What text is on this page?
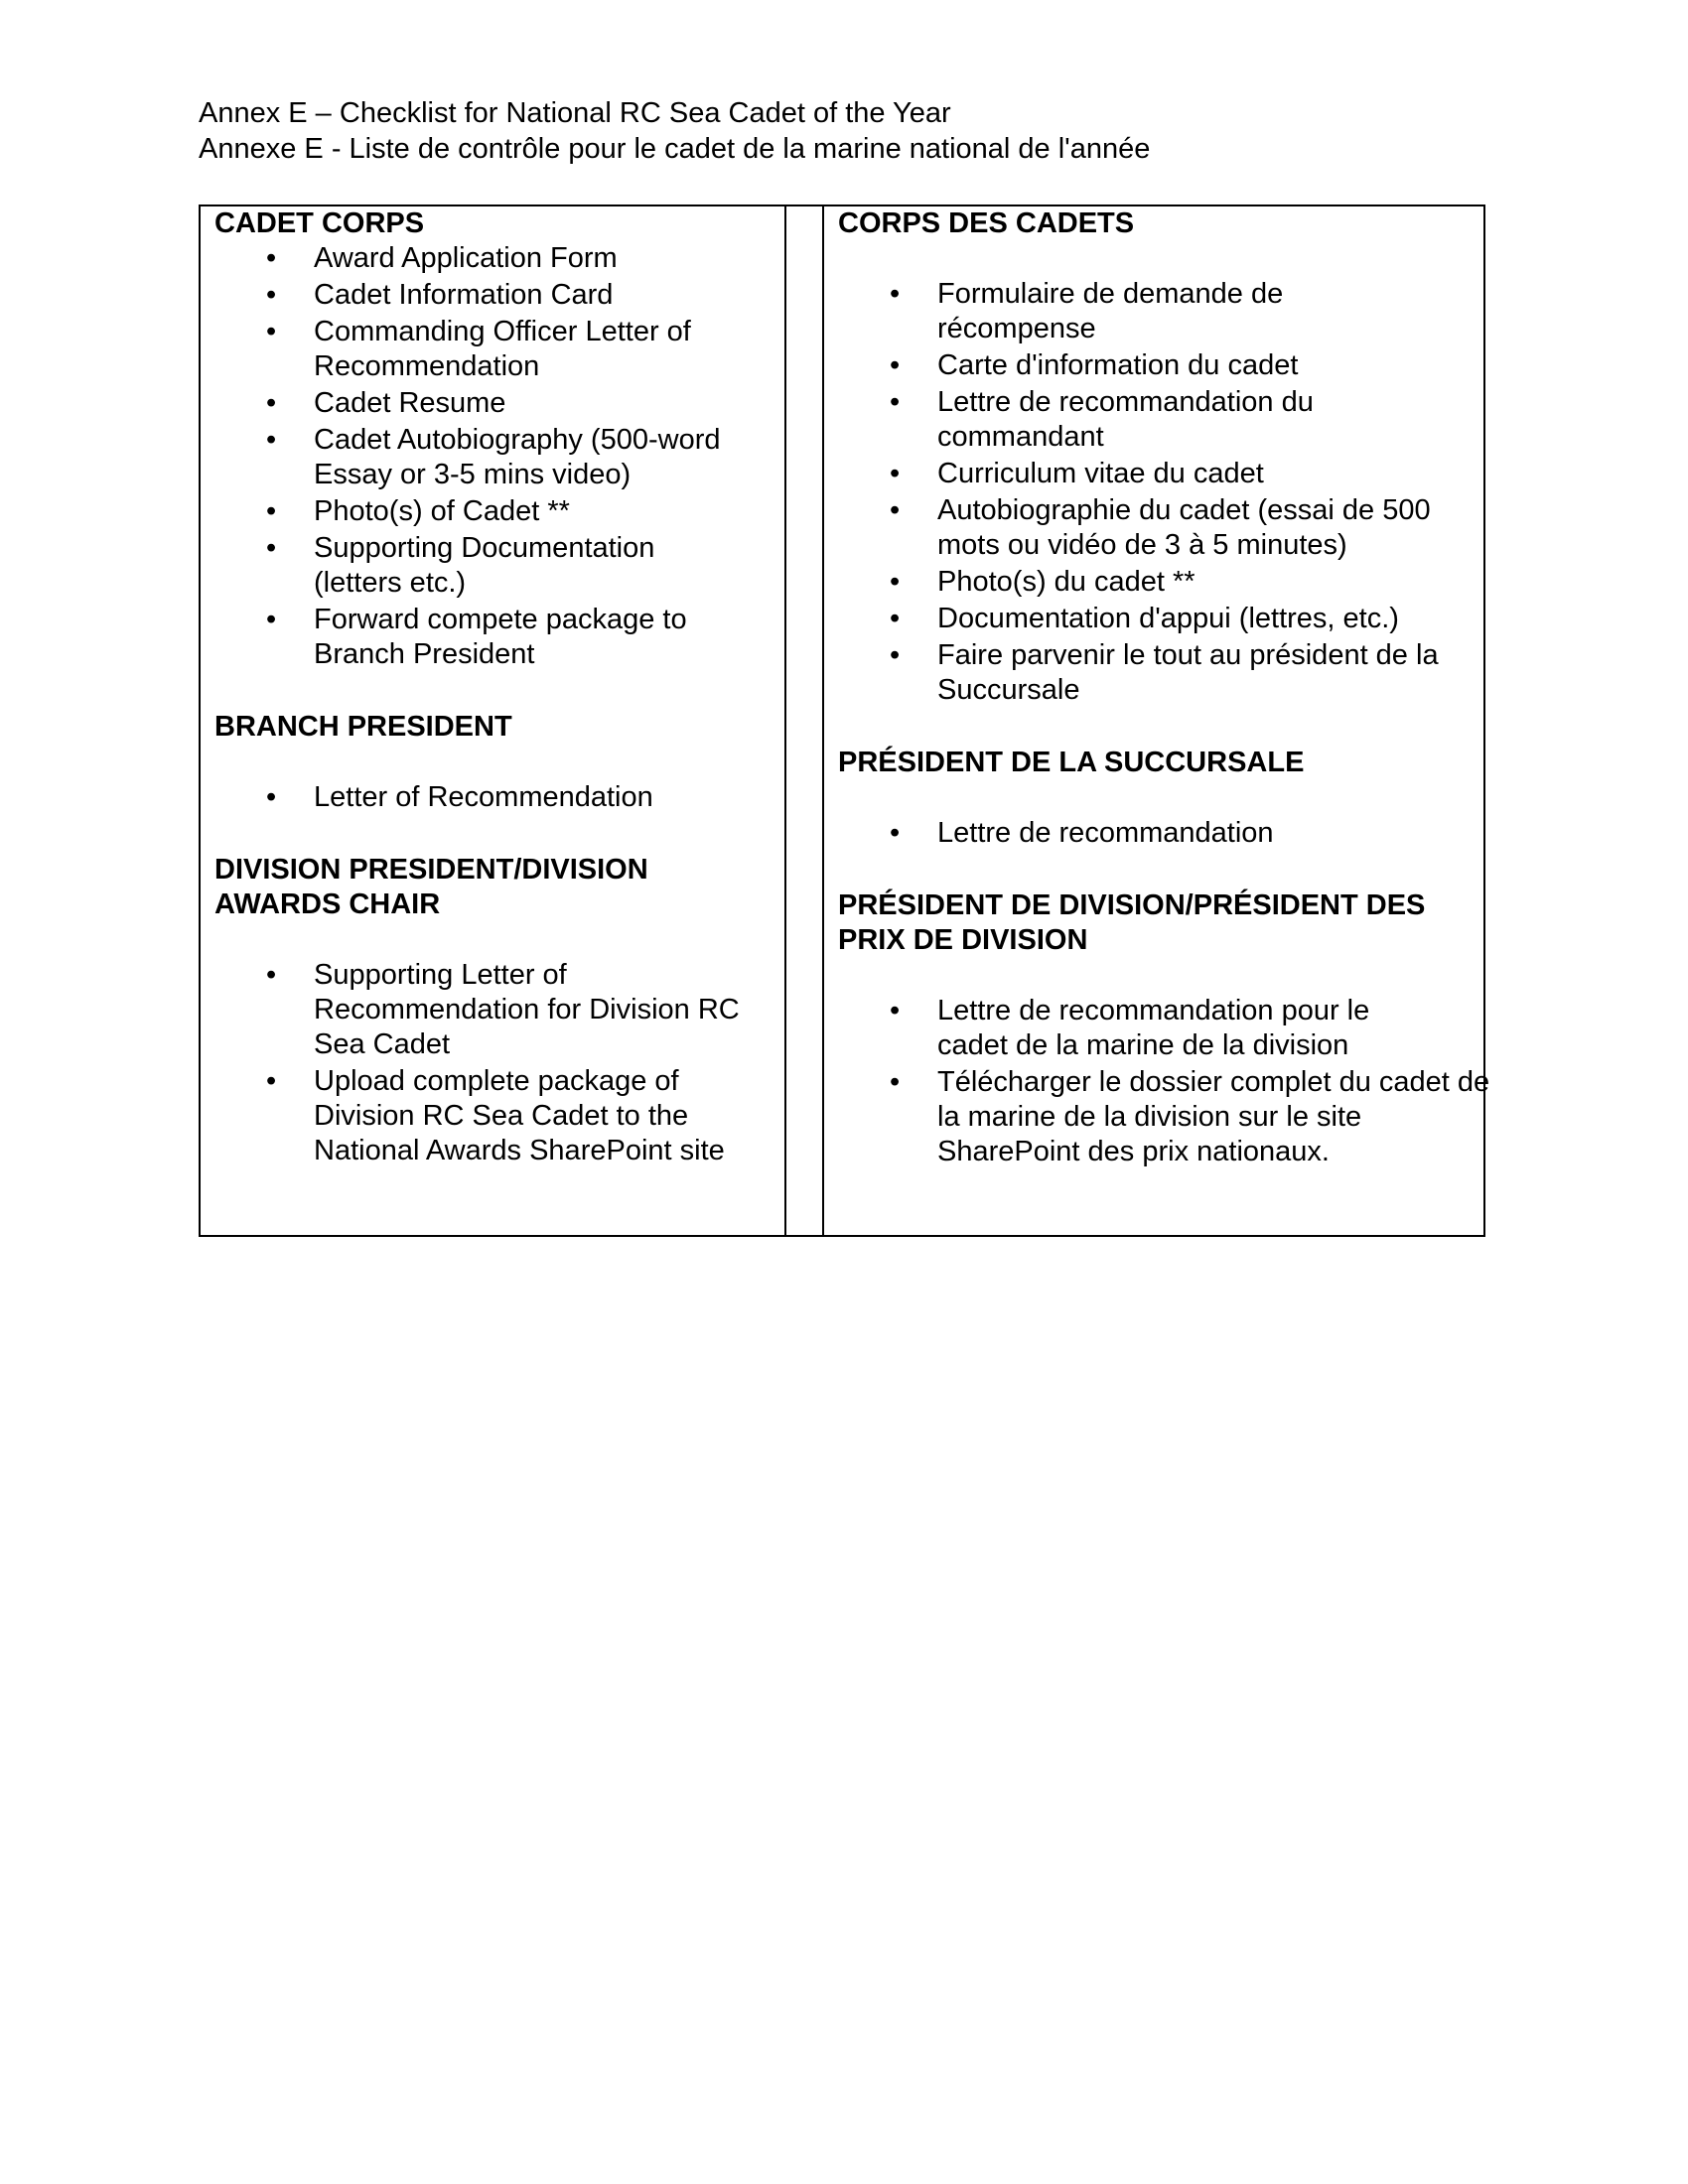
Annex E – Checklist for National RC Sea Cadet of the Year
Annexe E - Liste de contrôle pour le cadet de la marine national de l'année
CADET CORPS
• Award Application Form
• Cadet Information Card
• Commanding Officer Letter of Recommendation
• Cadet Resume
• Cadet Autobiography (500-word Essay or 3-5 mins video)
• Photo(s) of Cadet **
• Supporting Documentation (letters etc.)
• Forward compete package to Branch President
BRANCH PRESIDENT
• Letter of Recommendation
DIVISION PRESIDENT/DIVISION AWARDS CHAIR
• Supporting Letter of Recommendation for Division RC Sea Cadet
• Upload complete package of Division RC Sea Cadet to the National Awards SharePoint site
CORPS DES CADETS
• Formulaire de demande de récompense
• Carte d'information du cadet
• Lettre de recommandation du commandant
• Curriculum vitae du cadet
• Autobiographie du cadet (essai de 500 mots ou vidéo de 3 à 5 minutes)
• Photo(s) du cadet **
• Documentation d'appui (lettres, etc.)
• Faire parvenir le tout au président de la Succursale
PRÉSIDENT DE LA SUCCURSALE
• Lettre de recommandation
PRÉSIDENT DE DIVISION/PRÉSIDENT DES PRIX DE DIVISION
• Lettre de recommandation pour le cadet de la marine de la division
• Télécharger le dossier complet du cadet de la marine de la division sur le site SharePoint des prix nationaux.
